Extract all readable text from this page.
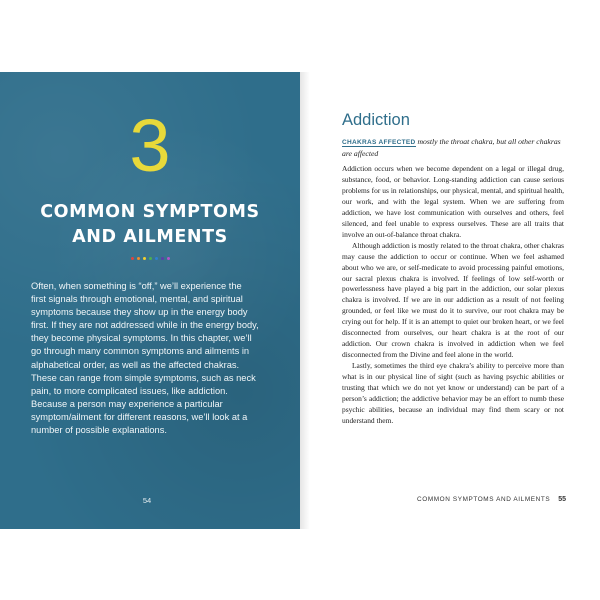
3
COMMON SYMPTOMS
AND AILMENTS

Often, when something is “off,” we’ll experience the first signals through emotional, mental, and spiritual symptoms because they show up in the energy body first. If they are not addressed while in the energy body, they become physical symptoms. In this chapter, we’ll go through many common symptoms and ailments in alphabetical order, as well as the affected chakras. These can range from simple symptoms, such as neck pain, to more complicated issues, like addiction. Because a person may experience a particular symptom/ailment for different reasons, we’ll look at a number of possible explanations.

54
Addiction
CHAKRAS AFFECTED mostly the throat chakra, but all other chakras are affected

Addiction occurs when we become dependent on a legal or illegal drug, substance, food, or behavior. Long-standing addiction can cause serious problems for us in relationships, our physical, mental, and spiritual health, our work, and with the legal system. When we are suffering from addiction, we have lost communication with ourselves and others, feel silenced, and feel unable to express ourselves. These are all traits that involve an out-of-balance throat chakra.

Although addiction is mostly related to the throat chakra, other chakras may cause the addiction to occur or continue. When we feel ashamed about who we are, or self-medicate to avoid processing painful emotions, our sacral plexus chakra is involved. If feelings of low self-worth or powerlessness have played a big part in the addiction, our solar plexus chakra is involved. If we are in our addiction as a result of not feeling grounded, or feel like we must do it to survive, our root chakra may be crying out for help. If it is an attempt to quiet our broken heart, or we feel disconnected from ourselves, our heart chakra is at the root of our addiction. Our crown chakra is involved in addiction when we feel disconnected from the Divine and feel alone in the world.

Lastly, sometimes the third eye chakra’s ability to perceive more than what is in our physical line of sight (such as having psychic abilities or trusting that which we do not yet know or understand) can be part of a person’s addiction; the addictive behavior may be an effort to numb these psychic abilities, because an individual may find them scary or not understand them.

COMMON SYMPTOMS AND AILMENTS 55
